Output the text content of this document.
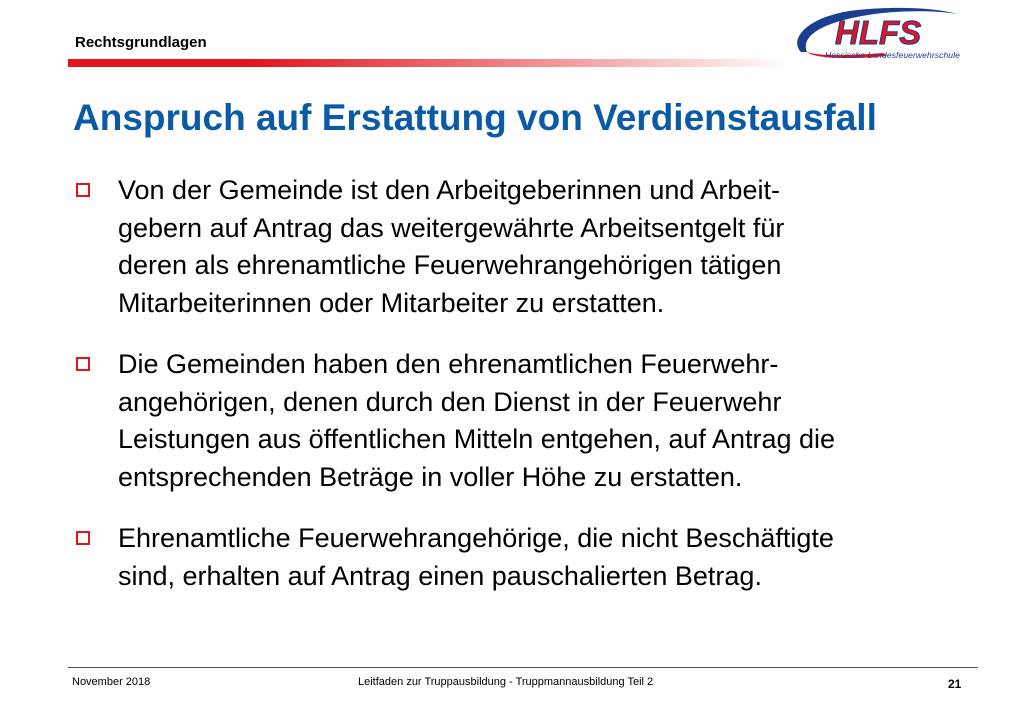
Rechtsgrundlagen	HLFS
Hessische Landesfeuerwehrschule
Anspruch auf Erstattung von Verdienstausfall
Von der Gemeinde ist den Arbeitgeberinnen und Arbeit-
gebern auf Antrag das weitergewährte Arbeitsentgelt für
deren als ehrenamtliche Feuerwehrangehörigen tätigen
Mitarbeiterinnen oder Mitarbeiter zu erstatten.
Die Gemeinden haben den ehrenamtlichen Feuerwehr-
angehörigen, denen durch den Dienst in der Feuerwehr
Leistungen aus öffentlichen Mitteln entgehen, auf Antrag die
entsprechenden Beträge in voller Höhe zu erstatten.
Ehrenamtliche Feuerwehrangehörige, die nicht Beschäftigte
sind, erhalten auf Antrag einen pauschalierten Betrag.
November 2018	Leitfaden zur Truppausbildung - Truppmannausbildung Teil 2	21
